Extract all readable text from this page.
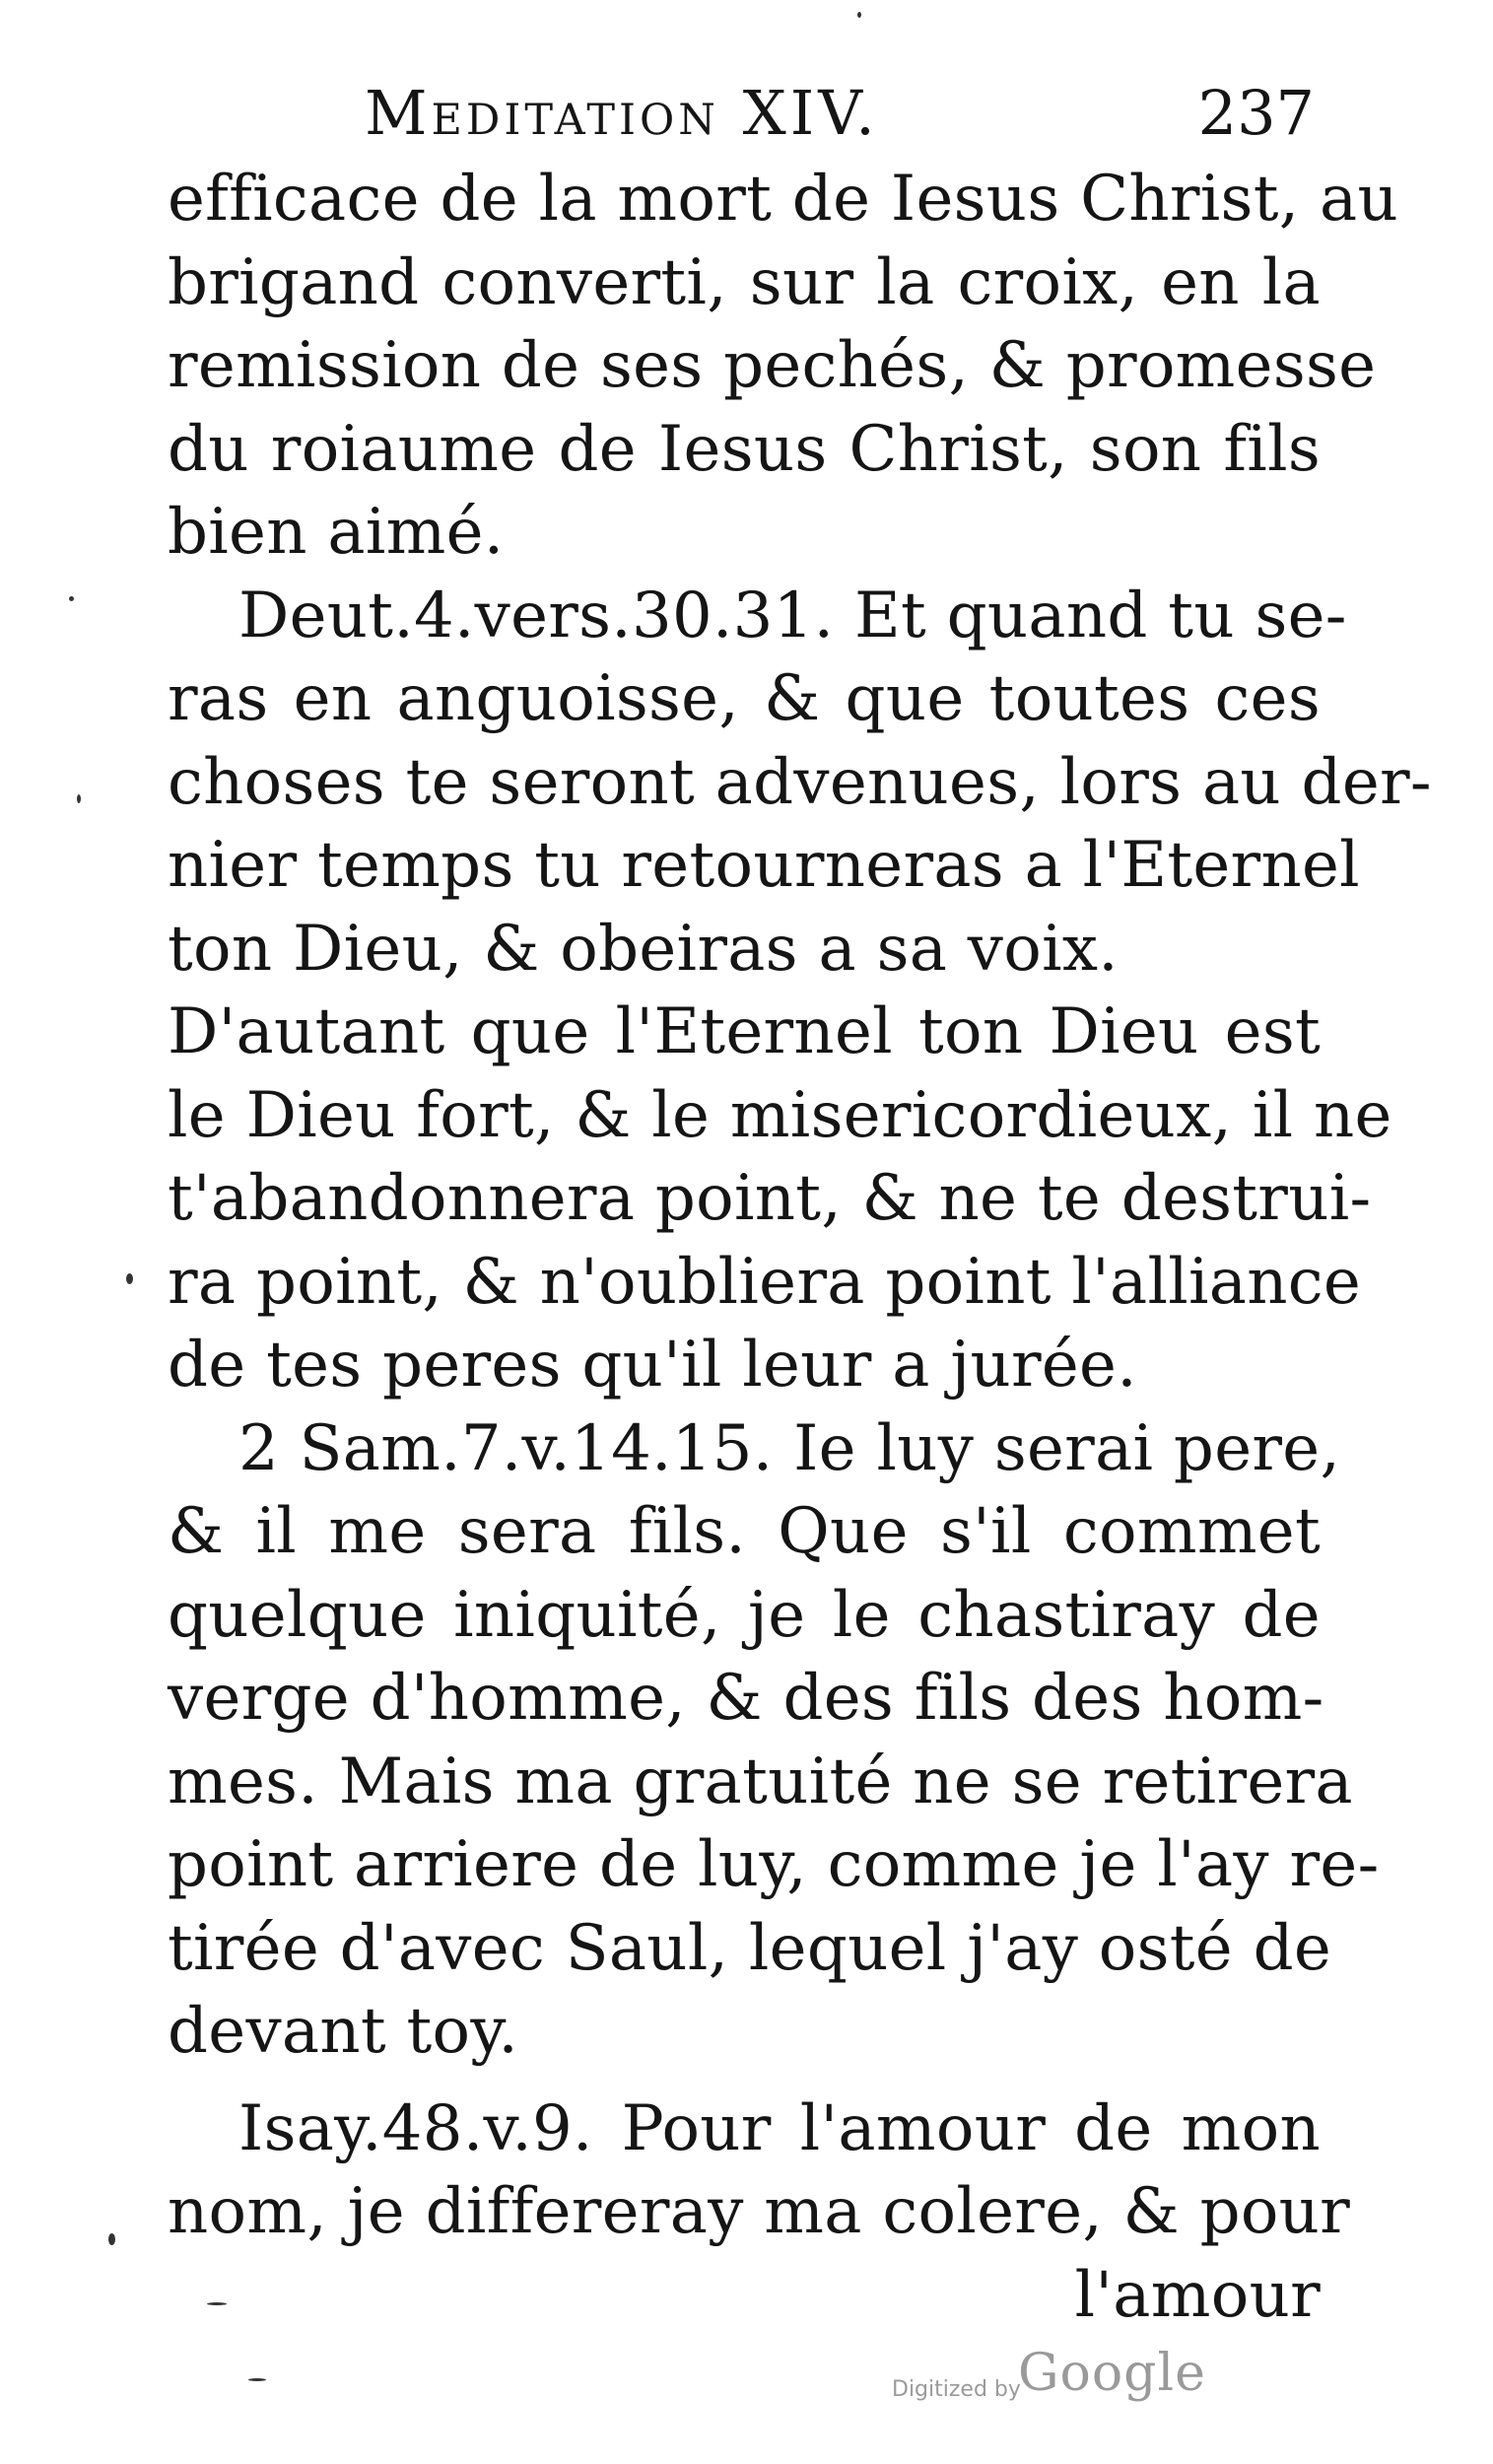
Meditation XIV.	237
efficace de la mort de Iesus Christ, au
brigand converti, sur la croix, en la
remission de ses pechés, & promesse
du roiaume de Iesus Christ, son fils
bien aimé.
Deut.4.vers.30.31. Et quand tu se-
ras en anguoisse, & que toutes ces
choses te seront advenues, lors au der-
nier temps tu retourneras a l'Eternel
ton Dieu, & obeiras a sa voix.
D'autant que l'Eternel ton Dieu est
le Dieu fort, & le misericordieux, il ne
t'abandonnera point, & ne te destrui-
ra point, & n'oubliera point l'alliance
de tes peres qu'il leur a jurée.
2 Sam.7.v.14.15. Ie luy serai pere,
& il me sera fils. Que s'il commet
quelque iniquité, je le chastiray de
verge d'homme, & des fils des hom-
mes. Mais ma gratuité ne se retirera
point arriere de luy, comme je l'ay re-
tirée d'avec Saul, lequel j'ay osté de
devant toy.
Isay.48.v.9. Pour l'amour de mon
nom, je differeray ma colere, & pour
l'amour
Digitized by
Google
